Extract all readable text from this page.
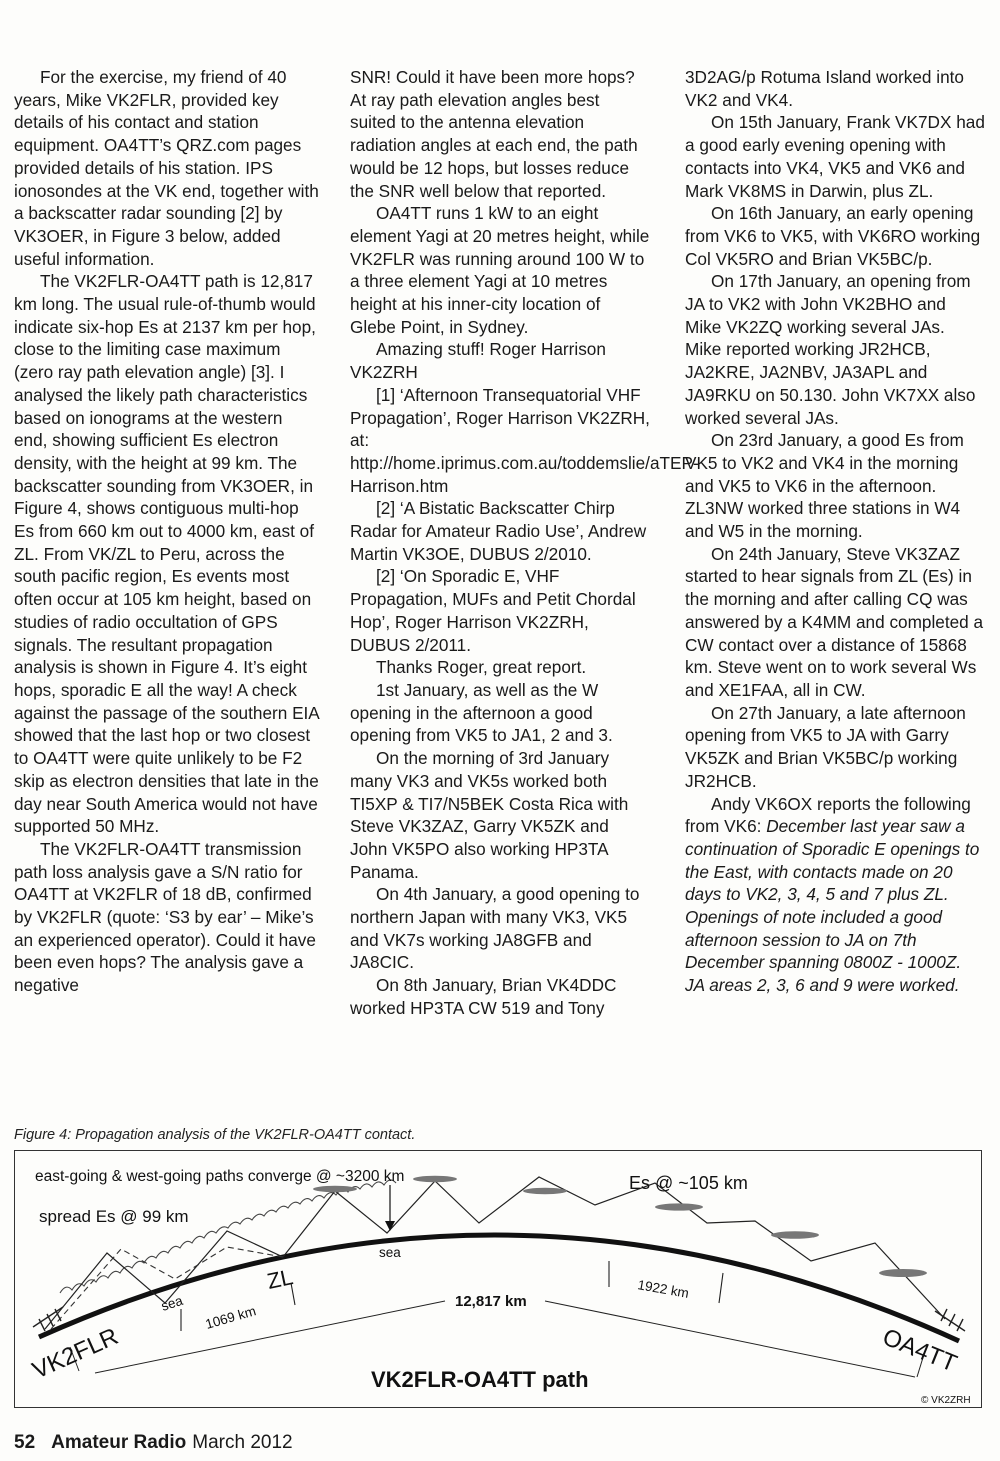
For the exercise, my friend of 40 years, Mike VK2FLR, provided key details of his contact and station equipment. OA4TT’s QRZ.com pages provided details of his station. IPS ionosondes at the VK end, together with a backscatter radar sounding [2] by VK3OER, in Figure 3 below, added useful information.

The VK2FLR-OA4TT path is 12,817 km long. The usual rule-of-thumb would indicate six-hop Es at 2137 km per hop, close to the limiting case maximum (zero ray path elevation angle) [3]. I analysed the likely path characteristics based on ionograms at the western end, showing sufficient Es electron density, with the height at 99 km. The backscatter sounding from VK3OER, in Figure 4, shows contiguous multi-hop Es from 660 km out to 4000 km, east of ZL. From VK/ZL to Peru, across the south pacific region, Es events most often occur at 105 km height, based on studies of radio occultation of GPS signals. The resultant propagation analysis is shown in Figure 4. It’s eight hops, sporadic E all the way! A check against the passage of the southern EIA showed that the last hop or two closest to OA4TT were quite unlikely to be F2 skip as electron densities that late in the day near South America would not have supported 50 MHz.

The VK2FLR-OA4TT transmission path loss analysis gave a S/N ratio for OA4TT at VK2FLR of 18 dB, confirmed by VK2FLR (quote: ‘S3 by ear’ – Mike’s an experienced operator). Could it have been even hops? The analysis gave a negative

SNR! Could it have been more hops? At ray path elevation angles best suited to the antenna elevation radiation angles at each end, the path would be 12 hops, but losses reduce the SNR well below that reported.

OA4TT runs 1 kW to an eight element Yagi at 20 metres height, while VK2FLR was running around 100 W to a three element Yagi at 10 metres height at his inner-city location of Glebe Point, in Sydney.

Amazing stuff! Roger Harrison VK2ZRH

[1] ‘Afternoon Transequatorial VHF Propagation’, Roger Harrison VK2ZRH, at: http://home.iprimus.com.au/toddemslie/aTEP-Harrison.htm

[2] ‘A Bistatic Backscatter Chirp Radar for Amateur Radio Use’, Andrew Martin VK3OE, DUBUS 2/2010.

[2] ‘On Sporadic E, VHF Propagation, MUFs and Petit Chordal Hop’, Roger Harrison VK2ZRH, DUBUS 2/2011.

Thanks Roger, great report.

1st January, as well as the W opening in the afternoon a good opening from VK5 to JA1, 2 and 3.

On the morning of 3rd January many VK3 and VK5s worked both TI5XP & TI7/N5BEK Costa Rica with Steve VK3ZAZ, Garry VK5ZK and John VK5PO also working HP3TA Panama.

On 4th January, a good opening to northern Japan with many VK3, VK5 and VK7s working JA8GFB and JA8CIC.

On 8th January, Brian VK4DDC worked HP3TA CW 519 and Tony

3D2AG/p Rotuma Island worked into VK2 and VK4.

On 15th January, Frank VK7DX had a good early evening opening with contacts into VK4, VK5 and VK6 and Mark VK8MS in Darwin, plus ZL.

On 16th January, an early opening from VK6 to VK5, with VK6RO working Col VK5RO and Brian VK5BC/p.

On 17th January, an opening from JA to VK2 with John VK2BHO and Mike VK2ZQ working several JAs. Mike reported working JR2HCB, JA2KRE, JA2NBV, JA3APL and JA9RKU on 50.130. John VK7XX also worked several JAs.

On 23rd January, a good Es from VK5 to VK2 and VK4 in the morning and VK5 to VK6 in the afternoon. ZL3NW worked three stations in W4 and W5 in the morning.

On 24th January, Steve VK3ZAZ started to hear signals from ZL (Es) in the morning and after calling CQ was answered by a K4MM and completed a CW contact over a distance of 15868 km. Steve went on to work several Ws and XE1FAA, all in CW.

On 27th January, a late afternoon opening from VK5 to JA with Garry VK5ZK and Brian VK5BC/p working JR2HCB.

Andy VK6OX reports the following from VK6: December last year saw a continuation of Sporadic E openings to the East, with contacts made on 20 days to VK2, 3, 4, 5 and 7 plus ZL. Openings of note included a good afternoon session to JA on 7th December spanning 0800Z - 1000Z. JA areas 2, 3, 6 and 9 were worked.

Figure 4: Propagation analysis of the VK2FLR-OA4TT contact.
east-going & west-going paths converge @ ~3200 km
spread Es @ 99 km
Es @ ~105 km
sea
sea
ZL
1069 km
1922 km
12,817 km
VK2FLR	OA4TT
VK2FLR-OA4TT path
© VK2ZRH
52 Amateur Radio March 2012
